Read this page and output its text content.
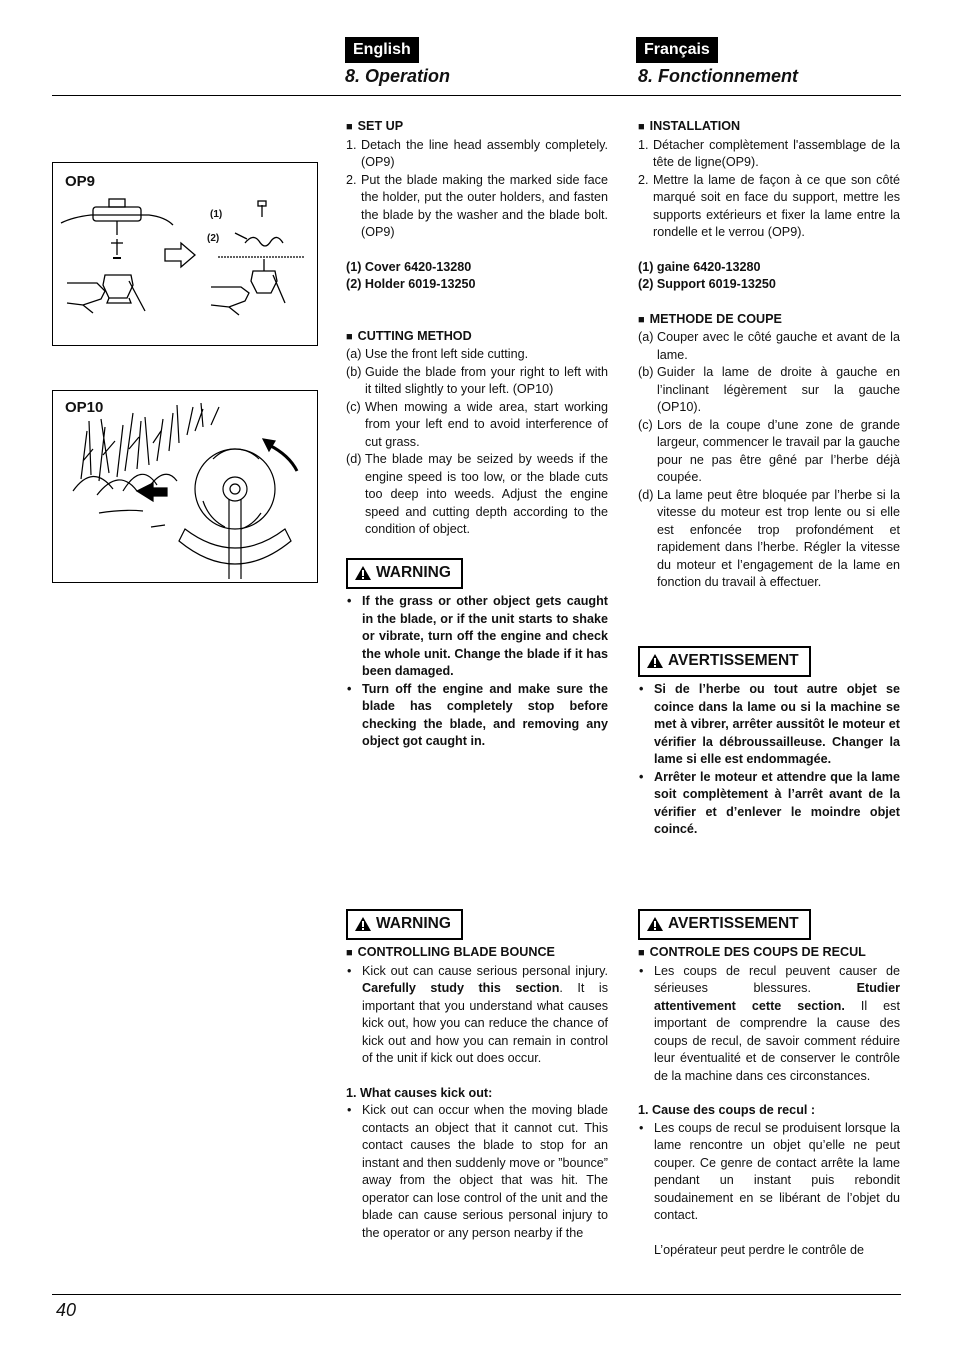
English	Français
8. Operation	8. Fonctionnement
OP9
(1)
(2)
OP10

■ SET UP

1. Detach the line head assembly completely. (OP9)
2. Put the blade making the marked side face the holder, put the outer holders, and fasten the blade by the washer and the blade bolt. (OP9)

(1) Cover 6420-13280

(2) Holder 6019-13250

■ CUTTING METHOD

(a) Use the front left side cutting.
(b) Guide the blade from your right to left with it tilted slightly to your left. (OP10)
(c) When mowing a wide area, start working from your left end to avoid interference of cut grass.
(d) The blade may be seized by weeds if the engine speed is too low, or the blade cuts too deep into weeds. Adjust the engine speed and cutting depth according to the condition of object.
WARNING
• If the grass or other object gets caught in the blade, or if the unit starts to shake or vibrate, turn off the engine and check the whole unit. Change the blade if it has been damaged.
• Turn off the engine and make sure the blade has completely stop before checking the blade, and removing any object got caught in.
WARNING

■ CONTROLLING BLADE BOUNCE

• Kick out can cause serious personal injury. Carefully study this section. It is important that you understand what causes kick out, how you can reduce the chance of kick out and how you can remain in control of the unit if kick out does occur.

1. What causes kick out:

• Kick out can occur when the moving blade contacts an object that it cannot cut. This contact causes the blade to stop for an instant and then suddenly move or ”bounce” away from the object that was hit. The operator can lose control of the unit and the blade can cause serious personal injury to the operator or any person nearby if the

■ INSTALLATION

1. Détacher complètement l'assemblage de la tête de ligne(OP9).
2. Mettre la lame de façon à ce que son côté marqué soit en face du support, mettre les supports extérieurs et fixer la lame entre la rondelle et le verrou (OP9).

(1) gaine 6420-13280

(2) Support 6019-13250

■ METHODE DE COUPE

(a) Couper avec le côté gauche et avant de la lame.
(b) Guider la lame de droite à gauche en l’inclinant légèrement sur la gauche (OP10).
(c) Lors de la coupe d’une zone de grande largeur, commencer le travail par la gauche pour ne pas être gêné par l’herbe déjà coupée.
(d) La lame peut être bloquée par l’herbe si la vitesse du moteur est trop lente ou si elle est enfoncée trop profondément et rapidement dans l’herbe. Régler la vitesse du moteur et l’engagement de la lame en fonction du travail à effectuer.
AVERTISSEMENT
• Si de l’herbe ou tout autre objet se coince dans la lame ou si la machine se met à vibrer, arrêter aussitôt le moteur et vérifier la débroussailleuse. Changer la lame si elle est endommagée.
• Arrêter le moteur et attendre que la lame soit complètement à l’arrêt avant de la vérifier et d’enlever le moindre objet coincé.
AVERTISSEMENT

■ CONTROLE DES COUPS DE RECUL

• Les coups de recul peuvent causer de sérieuses blessures. Etudier attentivement cette section. Il est important de comprendre la cause des coups de recul, de savoir comment réduire leur éventualité et de conserver le contrôle de la machine dans ces circonstances.

1. Cause des coups de recul :

• Les coups de recul se produisent lorsque la lame rencontre un objet qu’elle ne peut couper. Ce genre de contact arrête la lame pendant un instant puis rebondit soudainement en se libérant de l’objet du contact.
L’opérateur peut perdre le contrôle de
40
